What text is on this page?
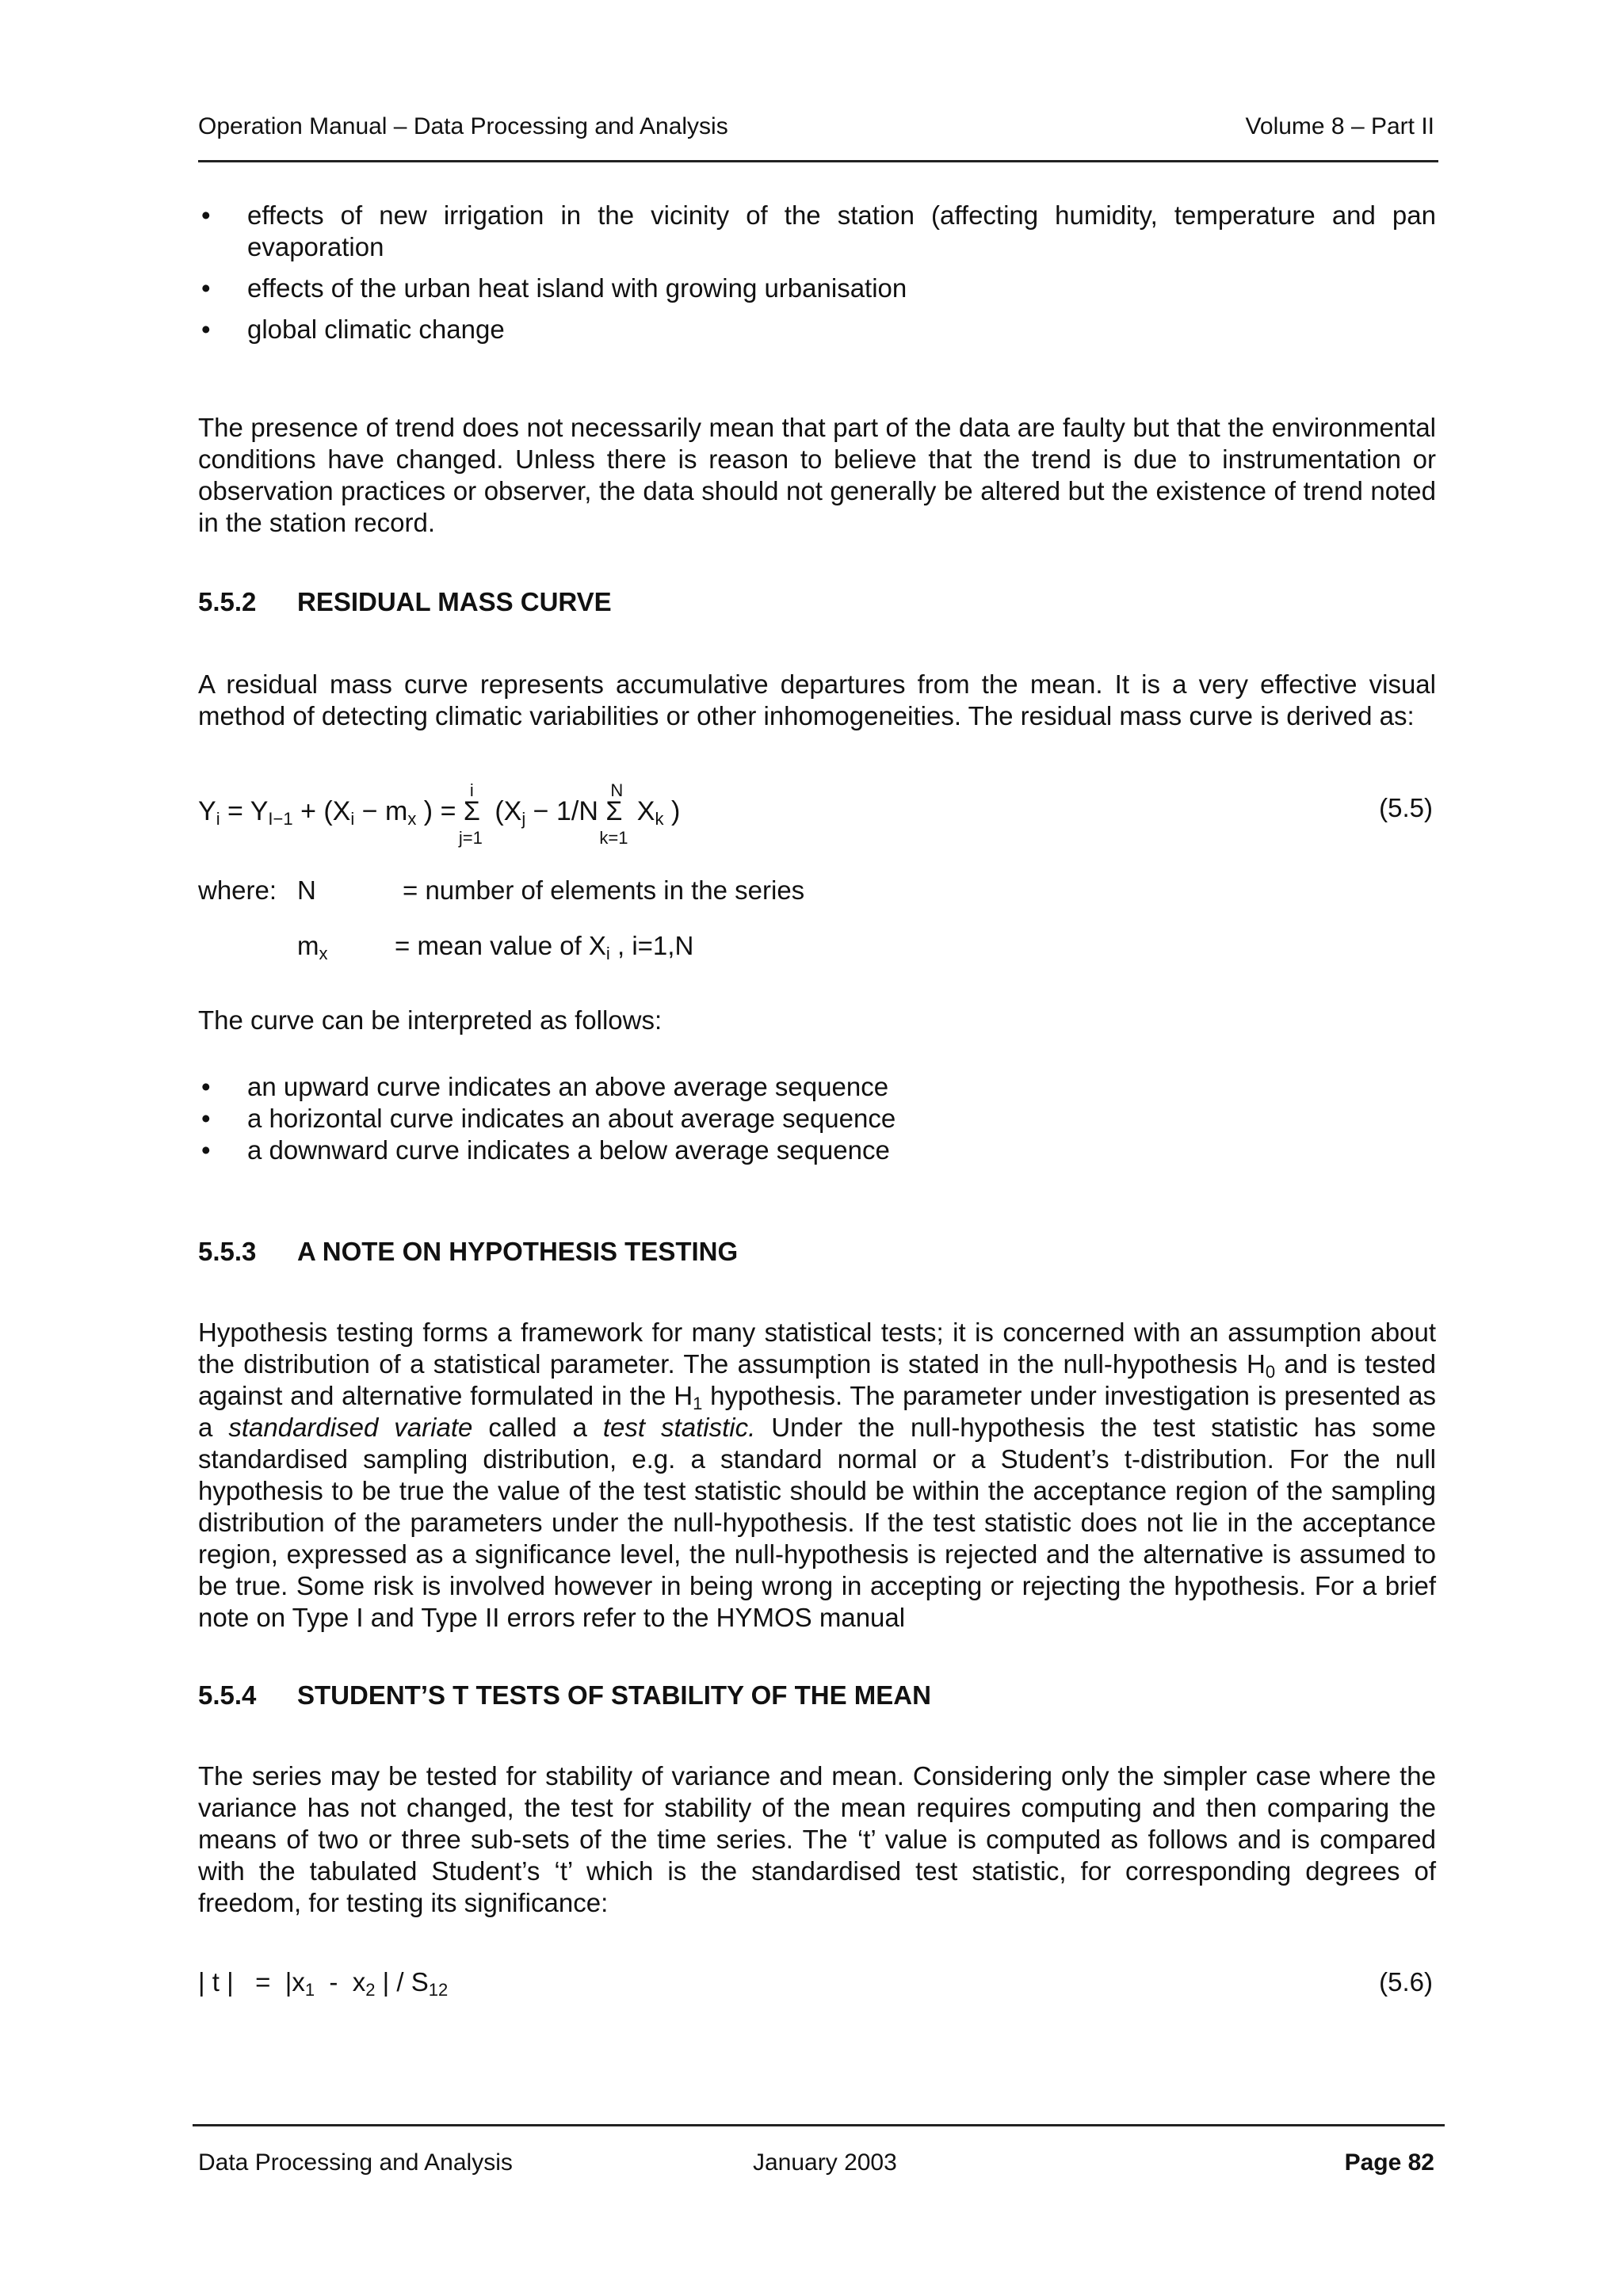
Operation Manual – Data Processing and Analysis	Volume 8 – Part II
• effects of new irrigation in the vicinity of the station (affecting humidity, temperature and pan evaporation
• effects of the urban heat island with growing urbanisation
• global climatic change
The presence of trend does not necessarily mean that part of the data are faulty but that the environmental conditions have changed. Unless there is reason to believe that the trend is due to instrumentation or observation practices or observer, the data should not generally be altered but the existence of trend noted in the station record.
5.5.2 RESIDUAL MASS CURVE
A residual mass curve represents accumulative departures from the mean. It is a very effective visual method of detecting climatic variabilities or other inhomogeneities. The residual mass curve is derived as:
$Y_i = Y_{I-1} + (X_i - m_x$ ) =
i
Σ
j=1
($X_j - 1/N$
N
Σ
k=1
$X_k$ )	(5.5)
where: N	= number of elements in the series
$m_x$	= mean value of $X_i$ , i=1,N
The curve can be interpreted as follows:
• an upward curve indicates an above average sequence
• a horizontal curve indicates an about average sequence
• a downward curve indicates a below average sequence
5.5.3 A NOTE ON HYPOTHESIS TESTING
Hypothesis testing forms a framework for many statistical tests; it is concerned with an assumption about the distribution of a statistical parameter. The assumption is stated in the null-hypothesis $H_0$ and is tested against and alternative formulated in the $H_1$ hypothesis. The parameter under investigation is presented as a standardised variate called a test statistic. Under the null-hypothesis the test statistic has some standardised sampling distribution, e.g. a standard normal or a Student’s t-distribution. For the null hypothesis to be true the value of the test statistic should be within the acceptance region of the sampling distribution of the parameters under the null-hypothesis. If the test statistic does not lie in the acceptance region, expressed as a significance level, the null-hypothesis is rejected and the alternative is assumed to be true. Some risk is involved however in being wrong in accepting or rejecting the hypothesis. For a brief note on Type I and Type II errors refer to the HYMOS manual
5.5.4 STUDENT’S T TESTS OF STABILITY OF THE MEAN
The series may be tested for stability of variance and mean. Considering only the simpler case where the variance has not changed, the test for stability of the mean requires computing and then comparing the means of two or three sub-sets of the time series. The ‘t’ value is computed as follows and is compared with the tabulated Student’s ‘t’ which is the standardised test statistic, for corresponding degrees of freedom, for testing its significance:
| t |   =  $|x_1 - x_2$ | / $S_{12}$	(5.6)
Data Processing and Analysis	January 2003	Page 82
